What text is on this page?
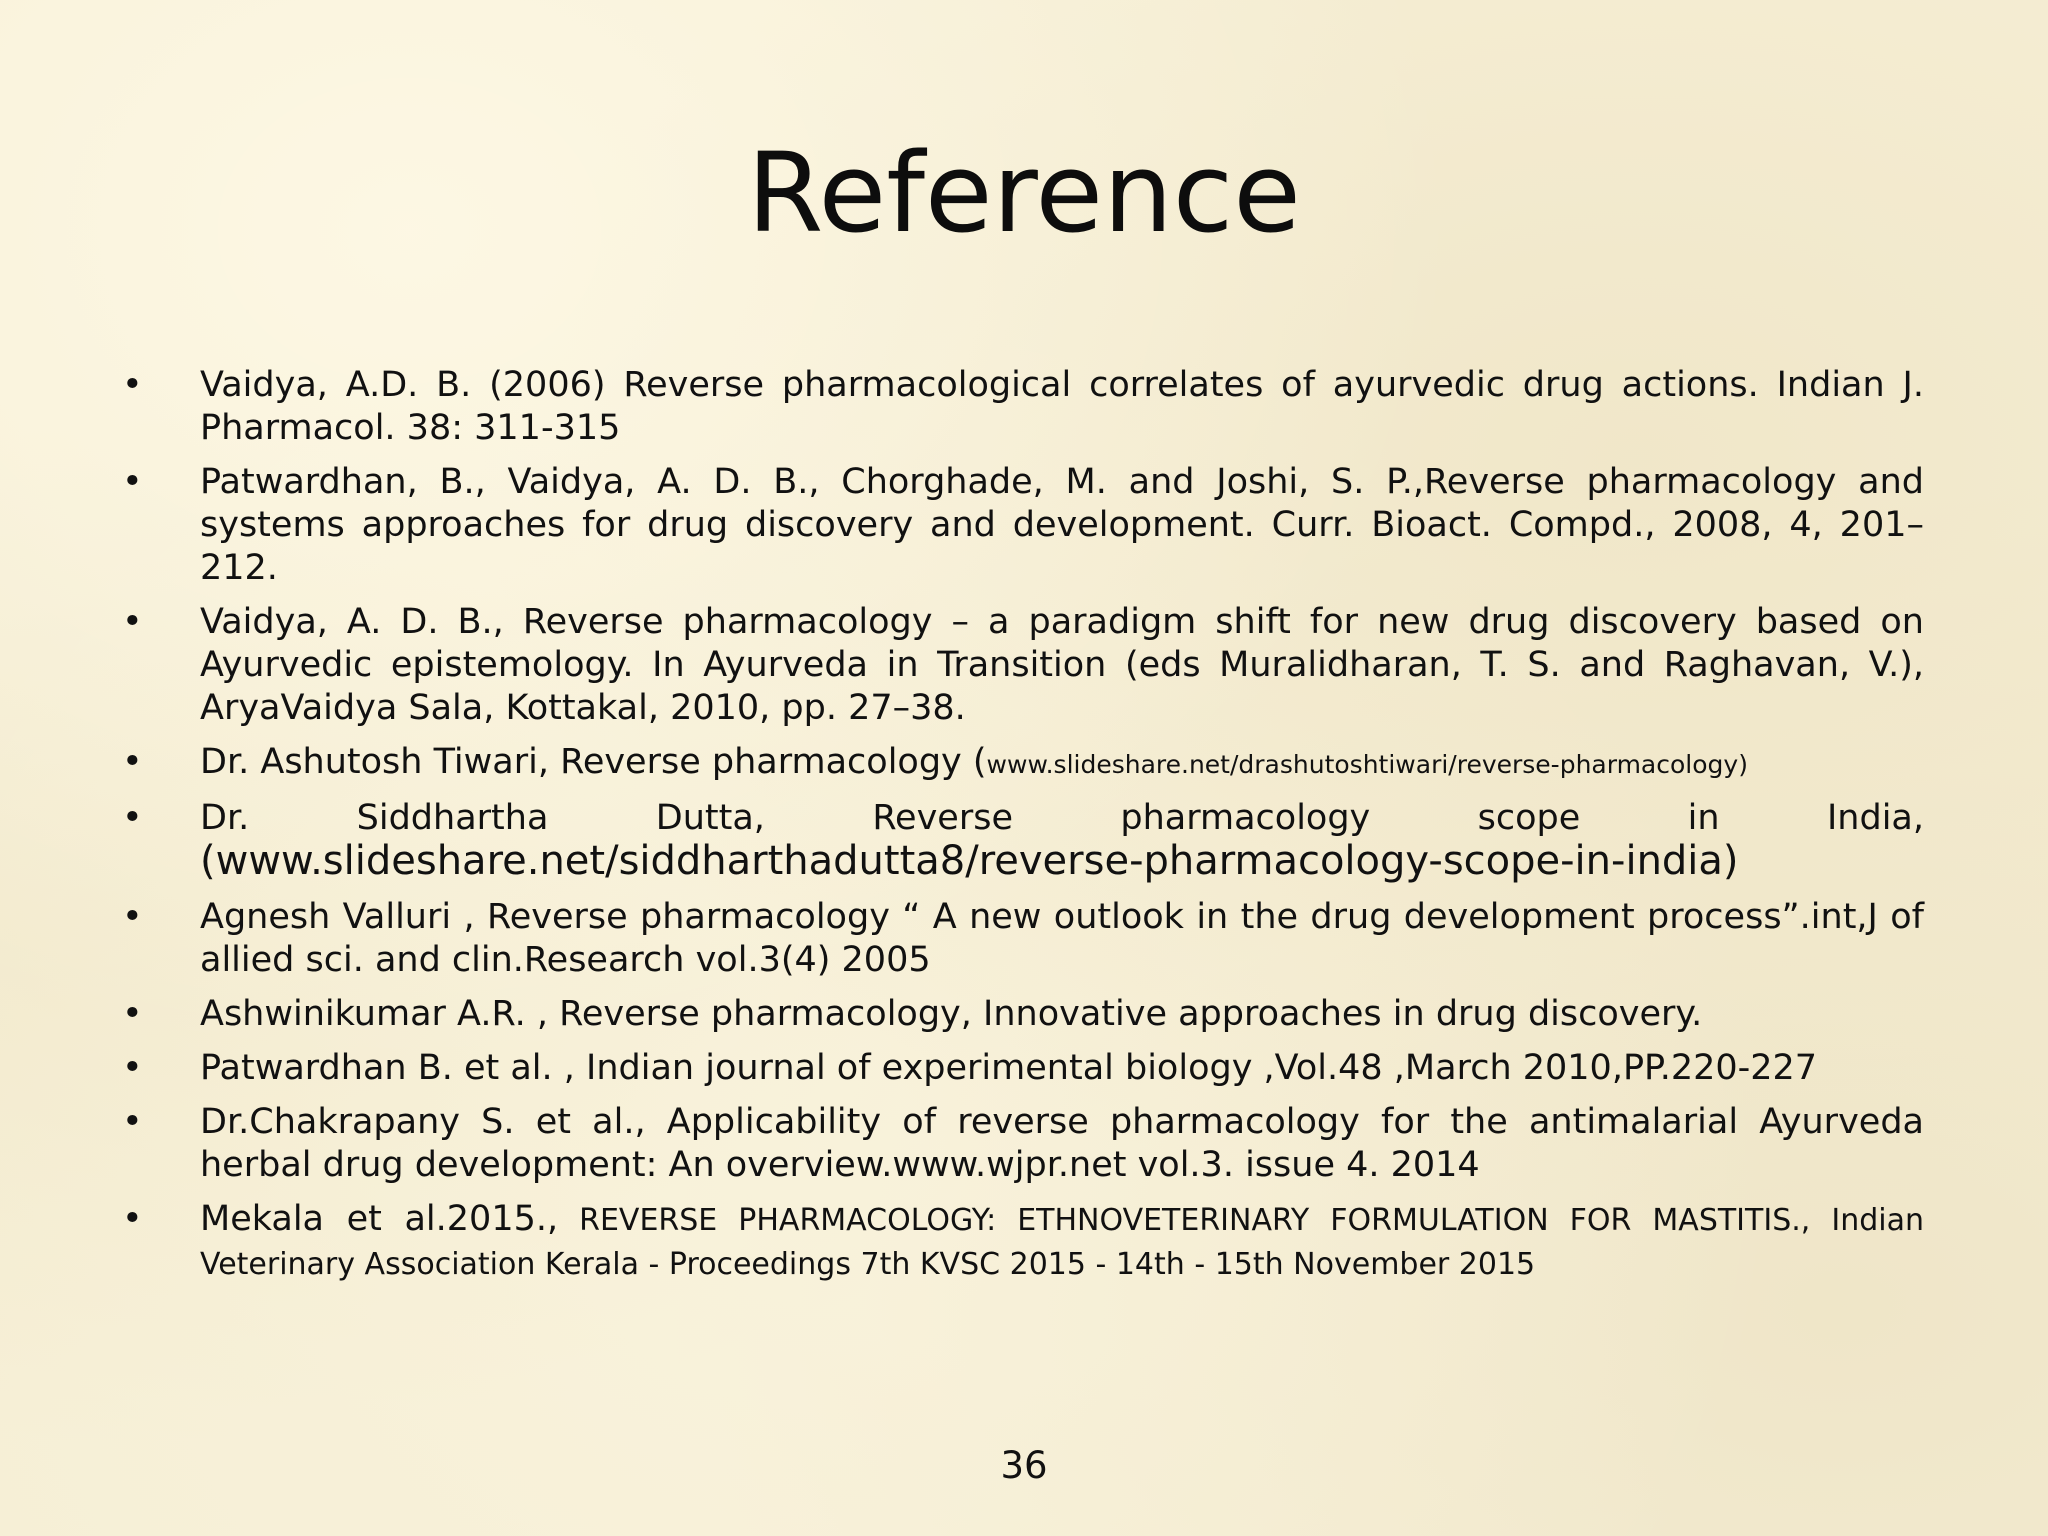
Reference
• Vaidya, A.D. B. (2006) Reverse pharmacological correlates of ayurvedic drug actions. Indian J. Pharmacol. 38: 311-315
• Patwardhan, B., Vaidya, A. D. B., Chorghade, M. and Joshi, S. P.,Reverse pharmacology and systems approaches for drug discovery and development. Curr. Bioact. Compd., 2008, 4, 201–212.
• Vaidya, A. D. B., Reverse pharmacology – a paradigm shift for new drug discovery based on Ayurvedic epistemology. In Ayurveda in Transition (eds Muralidharan, T. S. and Raghavan, V.), AryaVaidya Sala, Kottakal, 2010, pp. 27–38.
• Dr. Ashutosh Tiwari, Reverse pharmacology (www.slideshare.net/drashutoshtiwari/reverse-pharmacology)
• Dr. Siddhartha Dutta, Reverse pharmacology scope in India, (www.slideshare.net/siddharthadutta8/reverse-pharmacology-scope-in-india)
• Agnesh Valluri , Reverse pharmacology “ A new outlook in the drug development process”.int,J of allied sci. and clin.Research vol.3(4) 2005
• Ashwinikumar A.R. , Reverse pharmacology, Innovative approaches in drug discovery.
• Patwardhan B. et al. , Indian journal of experimental biology ,Vol.48 ,March 2010,PP.220-227
• Dr.Chakrapany S. et al., Applicability of reverse pharmacology for the antimalarial Ayurveda herbal drug development: An overview.www.wjpr.net vol.3. issue 4. 2014
• Mekala et al.2015., REVERSE PHARMACOLOGY: ETHNOVETERINARY FORMULATION FOR MASTITIS., Indian Veterinary Association Kerala - Proceedings 7th KVSC 2015 - 14th - 15th November 2015
36
